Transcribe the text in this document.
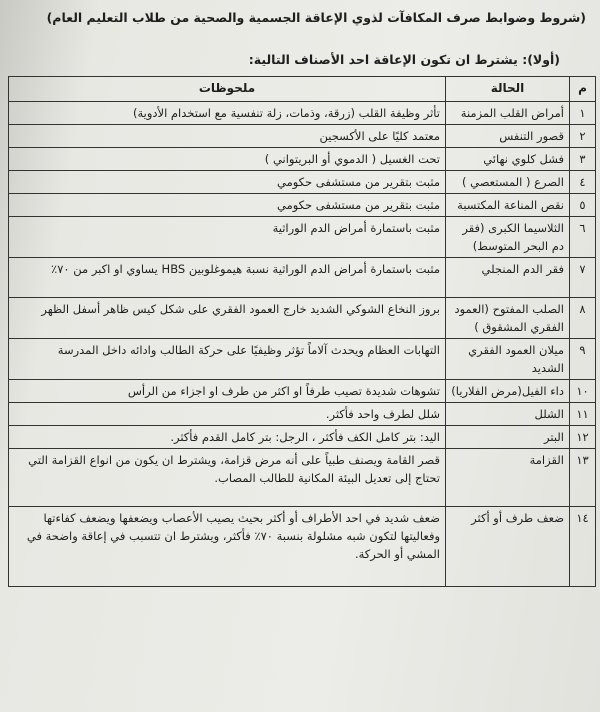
(شروط وضوابط صرف المكافآت لذوي الإعاقة الجسمية والصحية من طلاب التعليم العام)
(أولا): يشترط ان تكون الإعاقة احد الأصناف التالية:
م	الحالة	ملحوظات
١	أمراض القلب المزمنة	تأثر وظيفة القلب (زرقة، وذمات، زلة تنفسية مع استخدام الأدوية)
٢	قصور التنفس	معتمد كليًا على الأكسجين
٣	فشل كلوي نهائي	تحت الغسيل ( الدموي أو البريتواني )
٤	الصرع ( المستعصي )	مثبت بتقرير من مستشفى حكومي
٥	نقص المناعة المكتسبة	مثبت بتقرير من مستشفى حكومي
٦	الثلاسيما الكبرى (فقر دم البحر المتوسط)	مثبت باستمارة أمراض الدم الوراثية
٧	فقر الدم المنجلي	مثبت باستمارة أمراض الدم الوراثية نسبة هيموغلوبين HBS يساوي او اكبر من ٧٠٪
٨	الصلب المفتوح (العمود الفقري المشقوق )	بروز النخاع الشوكي الشديد خارج العمود الفقري على شكل كيس ظاهر أسفل الظهر
٩	ميلان العمود الفقري الشديد	التهابات العظام ويحدث آلاماً تؤثر وظيفيًا على حركة الطالب وادائه داخل المدرسة
١٠	داء الفيل(مرض الفلاريا)	تشوهات شديدة تصيب طرفاً او اكثر من طرف او اجزاء من الرأس
١١	الشلل	شلل لطرف واحد فأكثر.
١٢	البتر	اليد: بتر كامل الكف فأكثر ، الرجل: بتر كامل القدم فأكثر.
١٣	القزامة	قصر القامة ويصنف طبياً على أنه مرض قزامة، ويشترط ان يكون من انواع القزامة التي تحتاج إلى تعديل البيئة المكانية للطالب المصاب.
١٤	ضعف طرف أو أكثر	ضعف شديد في احد الأطراف أو أكثر بحيث يصيب الأعصاب ويضعفها ويضعف كفاءتها وفعاليتها لتكون شبه مشلولة بنسبة ٧٠٪ فأكثر، ويشترط ان تتسبب في إعاقة واضحة في المشي أو الحركة.
